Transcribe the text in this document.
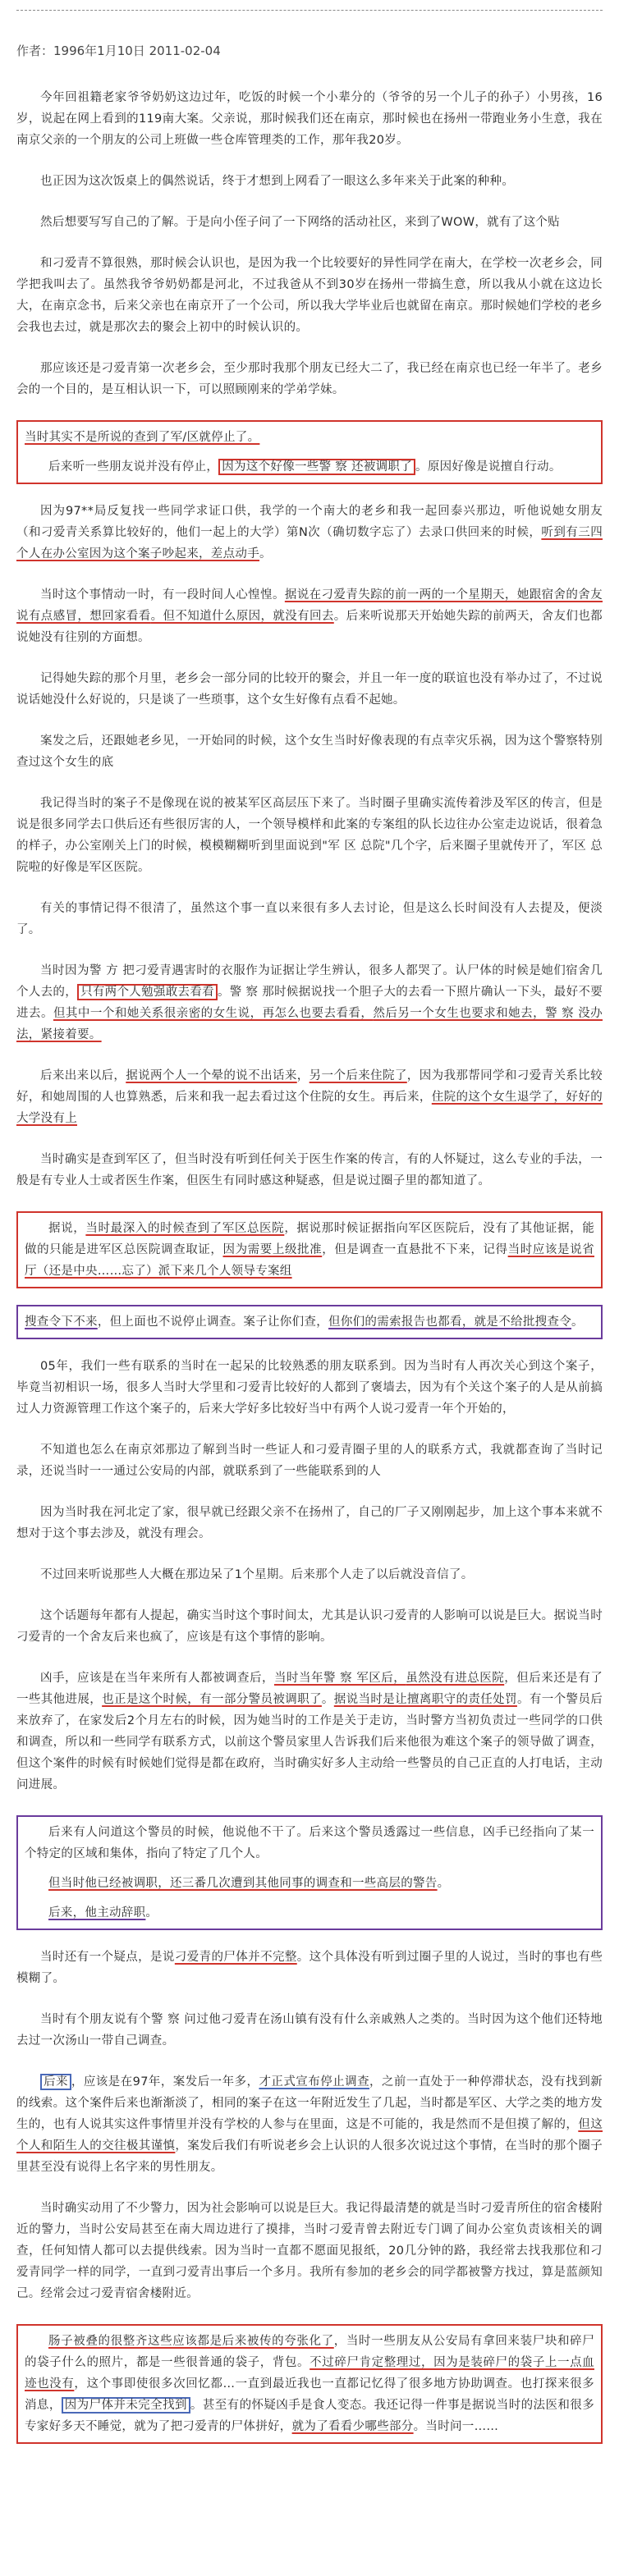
作者：1996年1月10日 2011-02-04

今年回祖籍老家爷爷奶奶这边过年，吃饭的时候一个小辈分的（爷爷的另一个儿子的孙子）小男孩，16岁，说起在网上看到的119南大案。父亲说，那时候我们还在南京，那时候也在扬州一带跑业务小生意，我在南京父亲的一个朋友的公司上班做一些仓库管理类的工作，那年我20岁。

也正因为这次饭桌上的偶然说话，终于才想到上网看了一眼这么多年来关于此案的种种。

然后想要写写自己的了解。于是向小侄子问了一下网络的活动社区，来到了WOW，就有了这个贴

和刁爱青不算很熟，那时候会认识也，是因为我一个比较要好的异性同学在南大，在学校一次老乡会，同学把我叫去了。虽然我爷爷奶奶都是河北，不过我爸从不到30岁在扬州一带搞生意，所以我从小就在这边长大，在南京念书，后来父亲也在南京开了一个公司，所以我大学毕业后也就留在南京。那时候她们学校的老乡会我也去过，就是那次去的聚会上初中的时候认识的。

那应该还是刁爱青第一次老乡会，至少那时我那个朋友已经大二了，我已经在南京也已经一年半了。老乡会的一个目的，是互相认识一下，可以照顾刚来的学弟学妹。

当时其实不是所说的查到了军/区就停止了。

后来听一些朋友说并没有停止， 因为这个好像一些警 察 还被调职了 。原因好像是说擅自行动。

因为97**局反复找一些同学求证口供，我学的一个南大的老乡和我一起回泰兴那边，听他说她女朋友（和刁爱青关系算比较好的，他们一起上的大学）第N次（确切数字忘了）去录口供回来的时候，听到有三四个人在办公室因为这个案子吵起来，差点动手。

当时这个事情动一时，有一段时间人心惶惶。据说在刁爱青失踪的前一两的一个星期天，她跟宿舍的舍友说有点感冒，想回家看看。但不知道什么原因，就没有回去。后来听说那天开始她失踪的前两天，舍友们也都说她没有往别的方面想。

记得她失踪的那个月里，老乡会一部分同的比较开的聚会，并且一年一度的联谊也没有举办过了，不过说说话她没什么好说的，只是谈了一些琐事，这个女生好像有点看不起她。

案发之后，还跟她老乡见，一开始同的时候，这个女生当时好像表现的有点幸灾乐祸，因为这个警察特别查过这个女生的底

我记得当时的案子不是像现在说的被某军区高层压下来了。当时圈子里确实流传着涉及军区的传言，但是说是很多同学去口供后还有些很厉害的人，一个领导模样和此案的专案组的队长边往办公室走边说话，很着急的样子，办公室刚关上门的时候，模模糊糊听到里面说到"军 区 总院"几个字，后来圈子里就传开了，军区 总院啦的好像是军区医院。

有关的事情记得不很清了，虽然这个事一直以来很有多人去讨论，但是这么长时间没有人去提及，便淡了。

当时因为警 方 把刁爱青遇害时的衣服作为证据让学生辨认，很多人都哭了。认尸体的时候是她们宿舍几个人去的， 只有两个人勉强敢去看看 。警 察 那时候据说找一个胆子大的去看一下照片确认一下头，最好不要进去。但其中一个和她关系很亲密的女生说，再怎么也要去看看，然后另一个女生也要求和她去，警 察 没办法，紧接着要。

后来出来以后，据说两个人一个晕的说不出话来，另一个后来住院了，因为我那帮同学和刁爱青关系比较好，和她周围的人也算熟悉，后来和我一起去看过这个住院的女生。再后来，住院的这个女生退学了，好好的大学没有上

当时确实是查到军区了，但当时没有听到任何关于医生作案的传言，有的人怀疑过，这么专业的手法，一般是有专业人士或者医生作案，但医生有同时感这种疑惑，但是说过圈子里的都知道了。

据说，当时最深入的时候查到了军区总医院，据说那时候证据指向军区医院后，没有了其他证据，能做的只能是进军区总医院调查取证，因为需要上级批准，但是调查一直悬批不下来，记得当时应该是说省厅（还是中央……忘了）派下来几个人领导专案组

搜查令下不来，但上面也不说停止调查。案子让你们查，但你们的需索报告也都看，就是不给批搜查令。

05年，我们一些有联系的当时在一起呆的比较熟悉的朋友联系到。因为当时有人再次关心到这个案子，毕竟当初相识一场，很多人当时大学里和刁爱青比较好的人都到了褒墙去，因为有个关这个案子的人是从前搞过人力资源管理工作这个案子的，后来大学好多比较好当中有两个人说刁爱青一年个开始的，

不知道也怎么在南京郊那边了解到当时一些证人和刁爱青圈子里的人的联系方式，我就都查询了当时记录，还说当时一一通过公安局的内部，就联系到了一些能联系到的人

因为当时我在河北定了家，很早就已经跟父亲不在扬州了，自己的厂子又刚刚起步，加上这个事本来就不想对于这个事去涉及，就没有理会。

不过回来听说那些人大概在那边呆了1个星期。后来那个人走了以后就没音信了。

这个话题每年都有人提起，确实当时这个事时间太，尤其是认识刁爱青的人影响可以说是巨大。据说当时刁爱青的一个舍友后来也疯了，应该是有这个事情的影响。

凶手，应该是在当年来所有人都被调查后，当时当年警 察 军区后，虽然没有进总医院，但后来还是有了一些其他进展，也正是这个时候，有一部分警员被调职了。据说当时是让擅离职守的责任处罚。有一个警员后来放弃了，在家发后2个月左右的时候，因为她当时的工作是关于走访，当时警方当初负责过一些同学的口供和调查，所以和一些同学有联系方式，以前这个警员家里人告诉我们后来他很为难这个案子的领导做了调查，但这个案件的时候有时候她们觉得是都在政府，当时确实好多人主动给一些警员的自己正直的人打电话，主动问进展。

后来有人问道这个警员的时候，他说他不干了。后来这个警员透露过一些信息，凶手已经指向了某一个特定的区域和集体，指向了特定了几个人。

但当时他已经被调职，还三番几次遭到其他同事的调查和一些高层的警告。

后来，他主动辞职。

当时还有一个疑点，是说刁爱青的尸体并不完整。这个具体没有听到过圈子里的人说过，当时的事也有些模糊了。

当时有个朋友说有个警 察 问过他刁爱青在汤山镇有没有什么亲戚熟人之类的。当时因为这个他们还特地去过一次汤山一带自己调查。

后来 ，应该是在97年，案发后一年多，才正式宣布停止调查，之前一直处于一种停滞状态，没有找到新的线索。这个案件后来也渐渐淡了，相同的案子在这一年附近发生了几起，当时都是军区、大学之类的地方发生的，也有人说其实这件事情里并没有学校的人参与在里面，这是不可能的，我是然而不是但摸了解的，但这个人和陌生人的交往极其谨慎，案发后我们有听说老乡会上认识的人很多次说过这个事情，在当时的那个圈子里甚至没有说得上名字来的男性朋友。

当时确实动用了不少警力，因为社会影响可以说是巨大。我记得最清楚的就是当时刁爱青所住的宿舍楼附近的警力，当时公安局甚至在南大周边进行了摸排，当时刁爱青曾去附近专门调了间办公室负责该相关的调查，任何知情人都可以去提供线索。因为当时一直都不愿面见报纸，20几分钟的路，我经常去找我那位和刁爱青同学一样的同学，一直到刁爱青出事后一个多月。我所有参加的老乡会的同学都被警方找过，算是蓝颜知己。经常会过刁爱青宿舍楼附近。

肠子被叠的很整齐这些应该都是后来被传的夸张化了，当时一些朋友从公安局有拿回来装尸块和碎尸的袋子什么的照片，都是一些很普通的袋子，背包。不过碎尸肯定整理过，因为是装碎尸的袋子上一点血迹也没有，这个事即使很多次回忆都…一直到最近我也一直都记忆得了很多地方协助调查。也打探来很多消息， 因为尸体并未完全找到 。甚至有的怀疑凶手是食人变态。我还记得一件事是据说当时的法医和很多专家好多天不睡觉，就为了把刁爱青的尸体拼好，就为了看看少哪些部分。当时问一……
